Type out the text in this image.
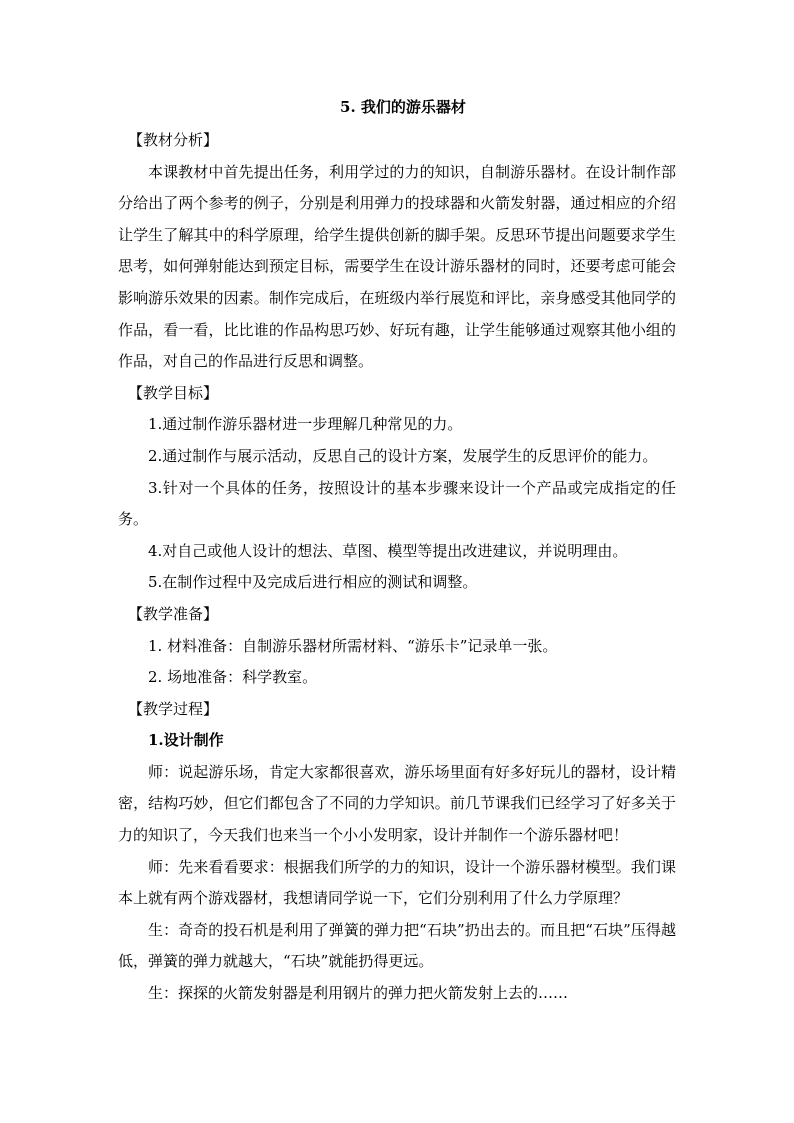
5. 我们的游乐器材

【教材分析】

本课教材中首先提出任务，利用学过的力的知识，自制游乐器材。在设计制作部分给出了两个参考的例子，分别是利用弹力的投球器和火箭发射器，通过相应的介绍让学生了解其中的科学原理，给学生提供创新的脚手架。反思环节提出问题要求学生思考，如何弹射能达到预定目标，需要学生在设计游乐器材的同时，还要考虑可能会影响游乐效果的因素。制作完成后，在班级内举行展览和评比，亲身感受其他同学的作品，看一看，比比谁的作品构思巧妙、好玩有趣，让学生能够通过观察其他小组的作品，对自己的作品进行反思和调整。

【教学目标】

1.通过制作游乐器材进一步理解几种常见的力。

2.通过制作与展示活动，反思自己的设计方案，发展学生的反思评价的能力。

3.针对一个具体的任务，按照设计的基本步骤来设计一个产品或完成指定的任务。

4.对自己或他人设计的想法、草图、模型等提出改进建议，并说明理由。

5.在制作过程中及完成后进行相应的测试和调整。

【教学准备】

1. 材料准备：自制游乐器材所需材料、“游乐卡”记录单一张。

2. 场地准备：科学教室。

【教学过程】

1.设计制作

师：说起游乐场，肯定大家都很喜欢，游乐场里面有好多好玩儿的器材，设计精密，结构巧妙，但它们都包含了不同的力学知识。前几节课我们已经学习了好多关于力的知识了，今天我们也来当一个小小发明家，设计并制作一个游乐器材吧！

师：先来看看要求：根据我们所学的力的知识，设计一个游乐器材模型。我们课本上就有两个游戏器材，我想请同学说一下，它们分别利用了什么力学原理？

生：奇奇的投石机是利用了弹簧的弹力把“石块”扔出去的。而且把“石块”压得越低，弹簧的弹力就越大，“石块”就能扔得更远。

生：探探的火箭发射器是利用钢片的弹力把火箭发射上去的……
